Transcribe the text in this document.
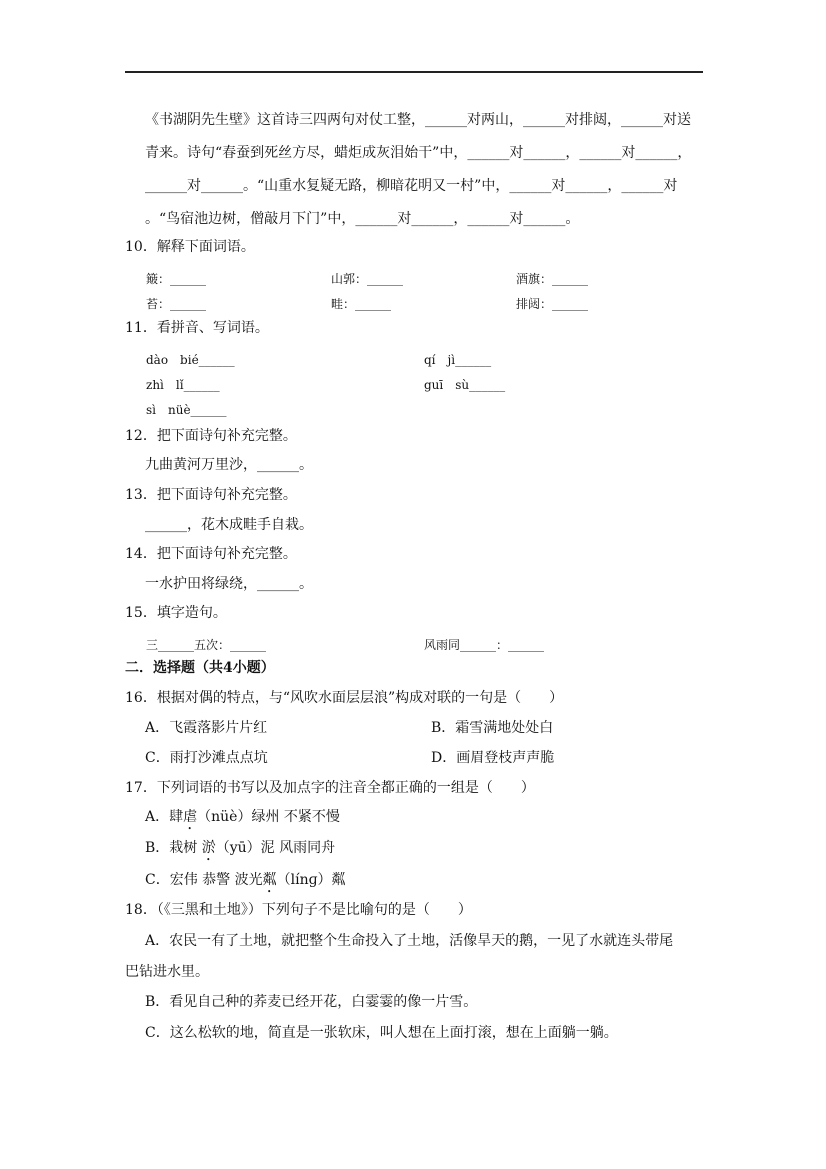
《书湖阴先生壁》这首诗三四两句对仗工整，______对两山，______对排闼，______对送
青来。诗句“春蚕到死丝方尽，蜡炬成灰泪始干”中，______对______，______对______，
______对______。“山重水复疑无路，柳暗花明又一村”中，______对______，______对
。“鸟宿池边树，僧敲月下门”中，______对______，______对______。
10．解释下面词语。
簸：______	山郭：______	酒旗：______
苔：______	畦：______	排闼：______
11．看拼音、写词语。
dào　bié______	qí　jì______
zhì　lǐ______	guī　sù______
sì　nüè______
12．把下面诗句补充完整。
九曲黄河万里沙，______。
13．把下面诗句补充完整。
______，花木成畦手自栽。
14．把下面诗句补充完整。
一水护田将绿绕，______。
15．填字造句。
三______五次：______	风雨同______：______
二．选择题（共4小题）
16．根据对偶的特点，与“风吹水面层层浪”构成对联的一句是（　　）
A．飞霞落影片片红	B．霜雪满地处处白
C．雨打沙滩点点坑	D．画眉登枝声声脆
17．下列词语的书写以及加点字的注音全都正确的一组是（　　）
A．肆虐（nüè）绿州 不紧不慢
B．栽树 淤（yū）泥 风雨同舟
C．宏伟 恭警 波光粼（línɡ）粼
18．（《三黑和土地》）下列句子不是比喻句的是（　　）
A．农民一有了土地，就把整个生命投入了土地，活像旱天的鹅，一见了水就连头带尾
巴钻进水里。
B．看见自己种的荞麦已经开花，白霎霎的像一片雪。
C．这么松软的地，简直是一张软床，叫人想在上面打滚，想在上面躺一躺。
